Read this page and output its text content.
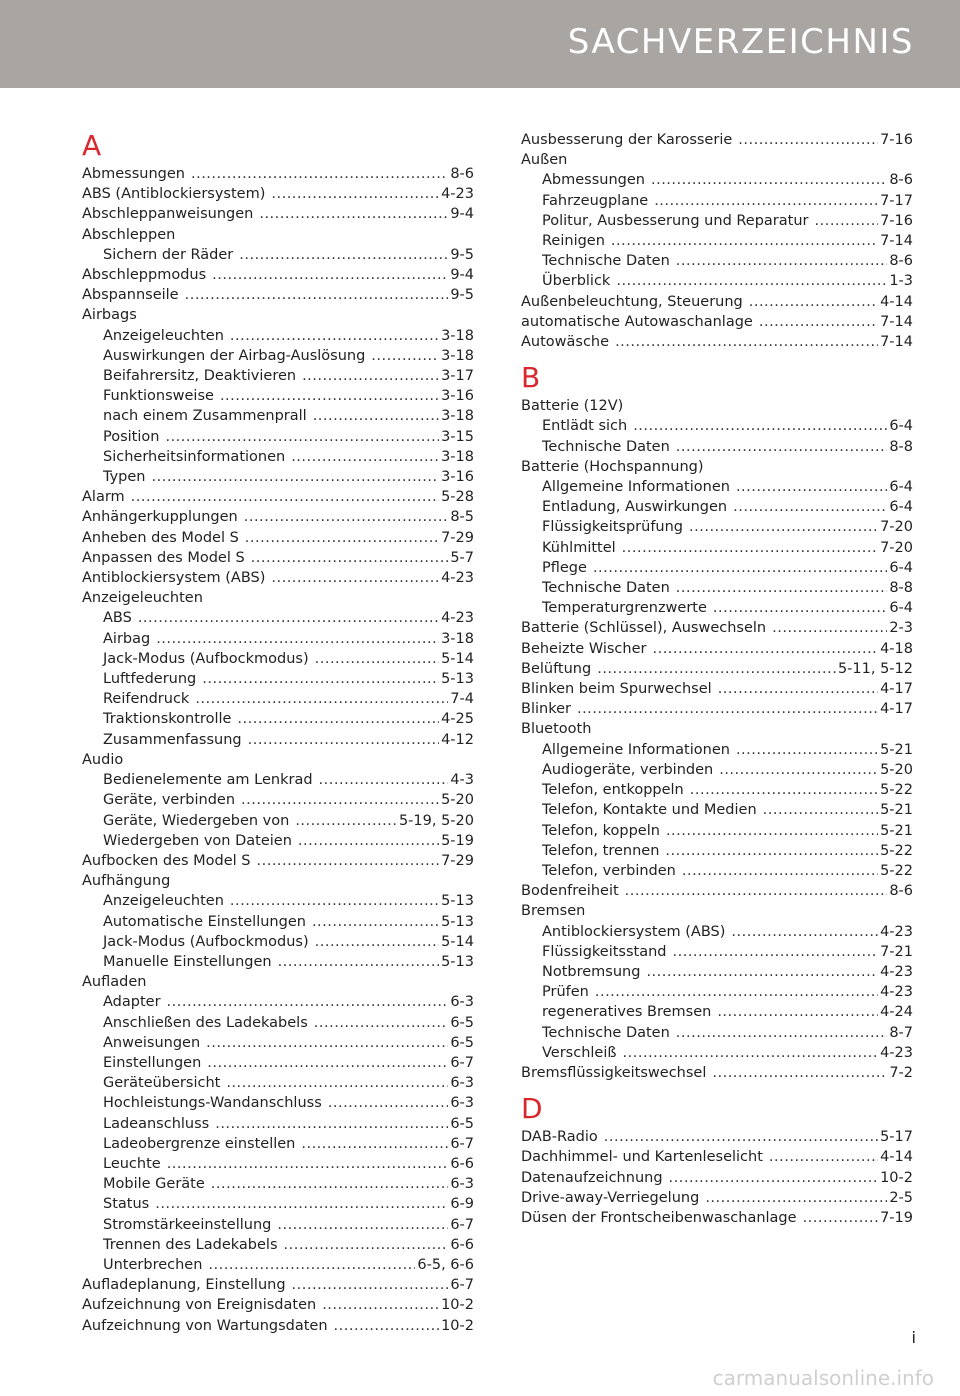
SACHVERZEICHNIS
A
Abmessungen .....	8-6
ABS (Antiblockiersystem) .....	4-23
Abschleppanweisungen .....	9-4
Abschleppen
Sichern der Räder .....	9-5
Abschleppmodus .....	9-4
Abspannseile .....	9-5
Airbags
Anzeigeleuchten .....	3-18
Auswirkungen der Airbag-Auslösung .....	3-18
Beifahrersitz, Deaktivieren .....	3-17
Funktionsweise .....	3-16
nach einem Zusammenprall .....	3-18
Position .....	3-15
Sicherheitsinformationen .....	3-18
Typen .....	3-16
Alarm .....	5-28
Anhängerkupplungen .....	8-5
Anheben des Model S .....	7-29
Anpassen des Model S .....	5-7
Antiblockiersystem (ABS) .....	4-23
Anzeigeleuchten
ABS .....	4-23
Airbag .....	3-18
Jack-Modus (Aufbockmodus) .....	5-14
Luftfederung .....	5-13
Reifendruck .....	7-4
Traktionskontrolle .....	4-25
Zusammenfassung .....	4-12
Audio
Bedienelemente am Lenkrad .....	4-3
Geräte, verbinden .....	5-20
Geräte, Wiedergeben von .....	5-19, 5-20
Wiedergeben von Dateien .....	5-19
Aufbocken des Model S .....	7-29
Aufhängung
Anzeigeleuchten .....	5-13
Automatische Einstellungen .....	5-13
Jack-Modus (Aufbockmodus) .....	5-14
Manuelle Einstellungen .....	5-13
Aufladen
Adapter .....	6-3
Anschließen des Ladekabels .....	6-5
Anweisungen .....	6-5
Einstellungen .....	6-7
Geräteübersicht .....	6-3
Hochleistungs-Wandanschluss .....	6-3
Ladeanschluss .....	6-5
Ladeobergrenze einstellen .....	6-7
Leuchte .....	6-6
Mobile Geräte .....	6-3
Status .....	6-9
Stromstärkeeinstellung .....	6-7
Trennen des Ladekabels .....	6-6
Unterbrechen .....	6-5, 6-6
Aufladeplanung, Einstellung .....	6-7
Aufzeichnung von Ereignisdaten .....	10-2
Aufzeichnung von Wartungsdaten .....	10-2
Ausbesserung der Karosserie .....	7-16
Außen
Abmessungen .....	8-6
Fahrzeugplane .....	7-17
Politur, Ausbesserung und Reparatur .....	7-16
Reinigen .....	7-14
Technische Daten .....	8-6
Überblick .....	1-3
Außenbeleuchtung, Steuerung .....	4-14
automatische Autowaschanlage .....	7-14
Autowäsche .....	7-14
B
Batterie (12V)
Entlädt sich .....	6-4
Technische Daten .....	8-8
Batterie (Hochspannung)
Allgemeine Informationen .....	6-4
Entladung, Auswirkungen .....	6-4
Flüssigkeitsprüfung .....	7-20
Kühlmittel .....	7-20
Pflege .....	6-4
Technische Daten .....	8-8
Temperaturgrenzwerte .....	6-4
Batterie (Schlüssel), Auswechseln .....	2-3
Beheizte Wischer .....	4-18
Belüftung .....	5-11, 5-12
Blinken beim Spurwechsel .....	4-17
Blinker .....	4-17
Bluetooth
Allgemeine Informationen .....	5-21
Audiogeräte, verbinden .....	5-20
Telefon, entkoppeln .....	5-22
Telefon, Kontakte und Medien .....	5-21
Telefon, koppeln .....	5-21
Telefon, trennen .....	5-22
Telefon, verbinden .....	5-22
Bodenfreiheit .....	8-6
Bremsen
Antiblockiersystem (ABS) .....	4-23
Flüssigkeitsstand .....	7-21
Notbremsung .....	4-23
Prüfen .....	4-23
regeneratives Bremsen .....	4-24
Technische Daten .....	8-7
Verschleiß .....	4-23
Bremsflüssigkeitswechsel .....	7-2
D
DAB-Radio .....	5-17
Dachhimmel- und Kartenleselicht .....	4-14
Datenaufzeichnung .....	10-2
Drive-away-Verriegelung .....	2-5
Düsen der Frontscheibenwaschanlage .....	7-19
i
carmanualsonline.info
